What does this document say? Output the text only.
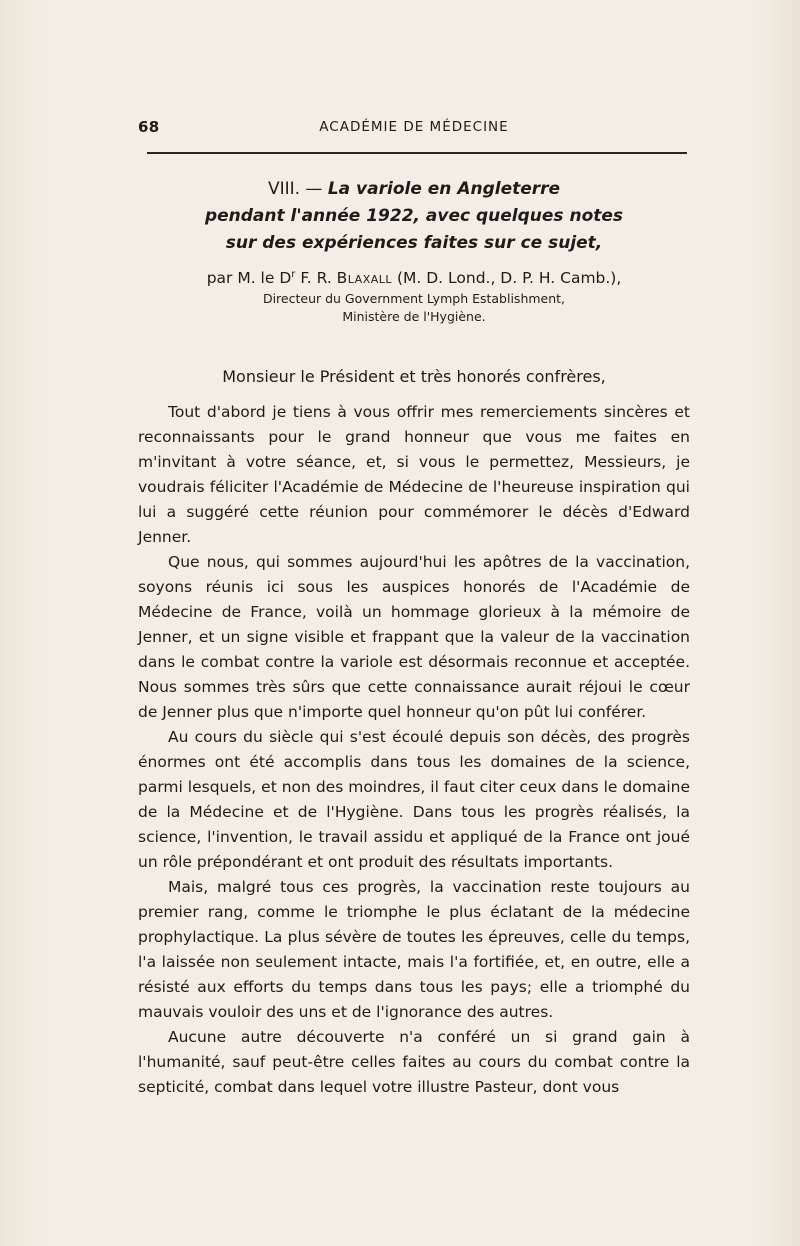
68	ACADÉMIE DE MÉDECINE
VIII. — La variole en Angleterre
pendant l'année 1922, avec quelques notes
sur des expériences faites sur ce sujet,
par M. le $D^r$ F. R. Blaxall (M. D. Lond., D. P. H. Camb.),
Directeur du Government Lymph Establishment,
Ministère de l'Hygiène.
Monsieur le Président et très honorés confrères,

Tout d'abord je tiens à vous offrir mes remerciements sincères et reconnaissants pour le grand honneur que vous me faites en m'invitant à votre séance, et, si vous le permettez, Messieurs, je voudrais féliciter l'Académie de Médecine de l'heureuse inspiration qui lui a suggéré cette réunion pour commémorer le décès d'Edward Jenner.

Que nous, qui sommes aujourd'hui les apôtres de la vaccination, soyons réunis ici sous les auspices honorés de l'Académie de Médecine de France, voilà un hommage glorieux à la mémoire de Jenner, et un signe visible et frappant que la valeur de la vaccination dans le combat contre la variole est désormais reconnue et acceptée. Nous sommes très sûrs que cette connaissance aurait réjoui le cœur de Jenner plus que n'importe quel honneur qu'on pût lui conférer.

Au cours du siècle qui s'est écoulé depuis son décès, des progrès énormes ont été accomplis dans tous les domaines de la science, parmi lesquels, et non des moindres, il faut citer ceux dans le domaine de la Médecine et de l'Hygiène. Dans tous les progrès réalisés, la science, l'invention, le travail assidu et appliqué de la France ont joué un rôle prépondérant et ont produit des résultats importants.

Mais, malgré tous ces progrès, la vaccination reste toujours au premier rang, comme le triomphe le plus éclatant de la médecine prophylactique. La plus sévère de toutes les épreuves, celle du temps, l'a laissée non seulement intacte, mais l'a fortifiée, et, en outre, elle a résisté aux efforts du temps dans tous les pays; elle a triomphé du mauvais vouloir des uns et de l'ignorance des autres.

Aucune autre découverte n'a conféré un si grand gain à l'humanité, sauf peut-être celles faites au cours du combat contre la septicité, combat dans lequel votre illustre Pasteur, dont vous
